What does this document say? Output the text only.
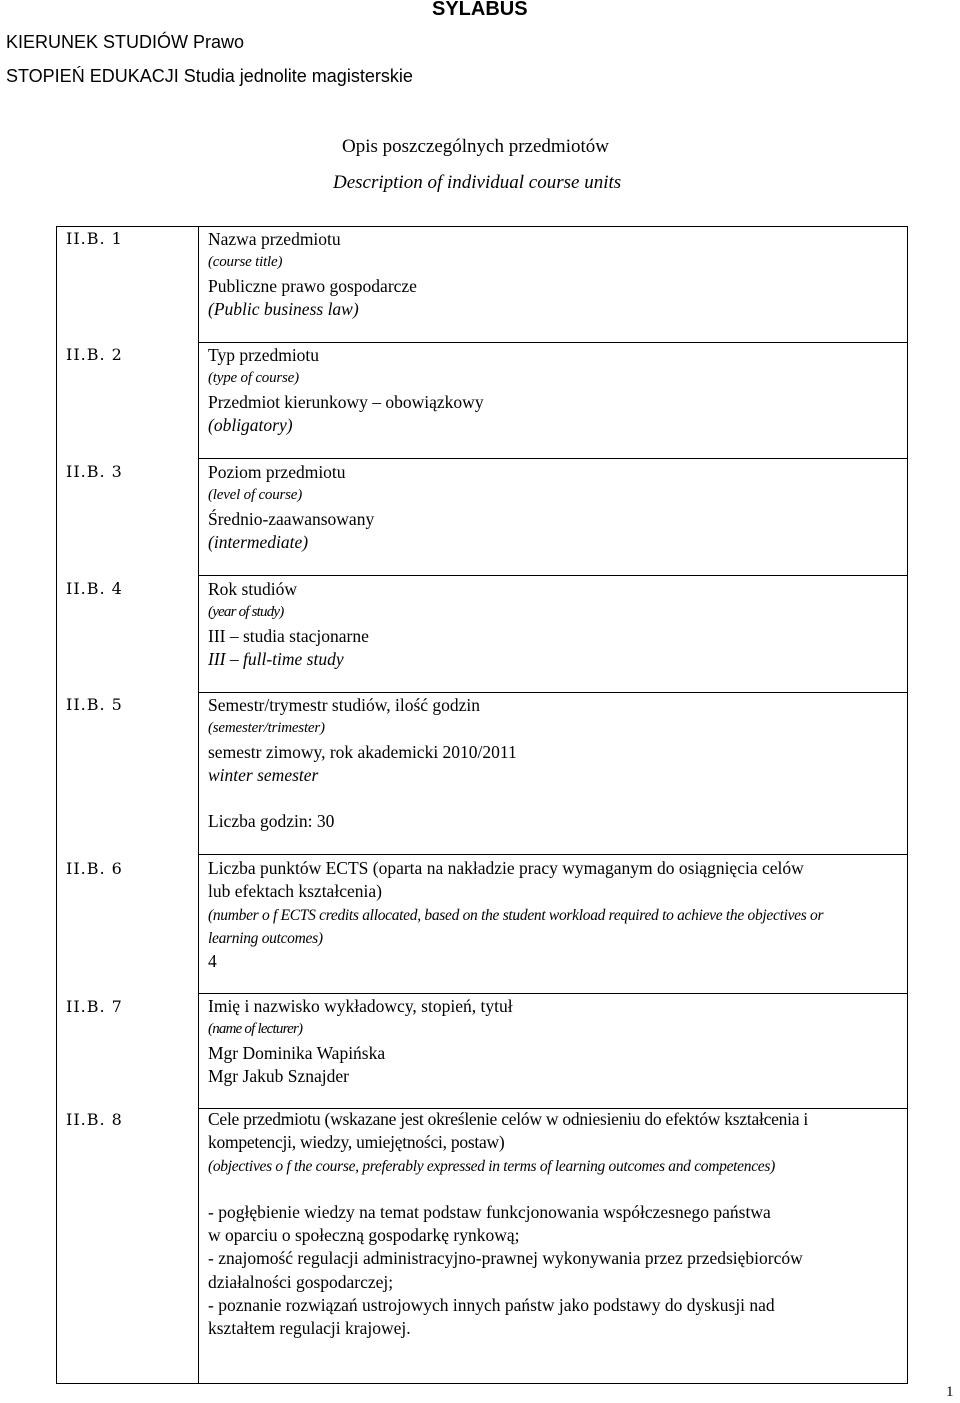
SYLABUS
KIERUNEK STUDIÓW Prawo
STOPIEŃ EDUKACJI Studia jednolite magisterskie
Opis poszczególnych przedmiotów
Description of individual course units
II.B. 1
II.B. 2
II.B. 3
II.B. 4
II.B. 5
II.B. 6
II.B. 7
II.B. 8
Nazwa przedmiotu
(course title)
Publiczne prawo gospodarcze
(Public business law)
Typ przedmiotu
(type of course)
Przedmiot kierunkowy – obowiązkowy
(obligatory)
Poziom przedmiotu
(level of course)
Średnio-zaawansowany
(intermediate)
Rok studiów
(year of study)
III – studia stacjonarne
III – full-time study
Semestr/trymestr studiów, ilość godzin
(semester/trimester)
semestr zimowy, rok akademicki 2010/2011
winter semester
Liczba godzin: 30
Liczba punktów ECTS (oparta na nakładzie pracy wymaganym do osiągnięcia celów
lub efektach kształcenia)
(number o f ECTS credits allocated, based on the student workload required to achieve the objectives or
learning outcomes)
4
Imię i nazwisko wykładowcy, stopień, tytuł
(name of lecturer)
Mgr Dominika Wapińska
Mgr Jakub Sznajder
Cele przedmiotu (wskazane jest określenie celów w odniesieniu do efektów kształcenia i
kompetencji, wiedzy, umiejętności, postaw)
(objectives o f the course, preferably expressed in terms of learning outcomes and competences)
- pogłębienie wiedzy na temat podstaw funkcjonowania współczesnego państwa
w oparciu o społeczną gospodarkę rynkową;
- znajomość regulacji administracyjno-prawnej wykonywania przez przedsiębiorców
działalności gospodarczej;
- poznanie rozwiązań ustrojowych innych państw jako podstawy do dyskusji nad
kształtem regulacji krajowej.
1
